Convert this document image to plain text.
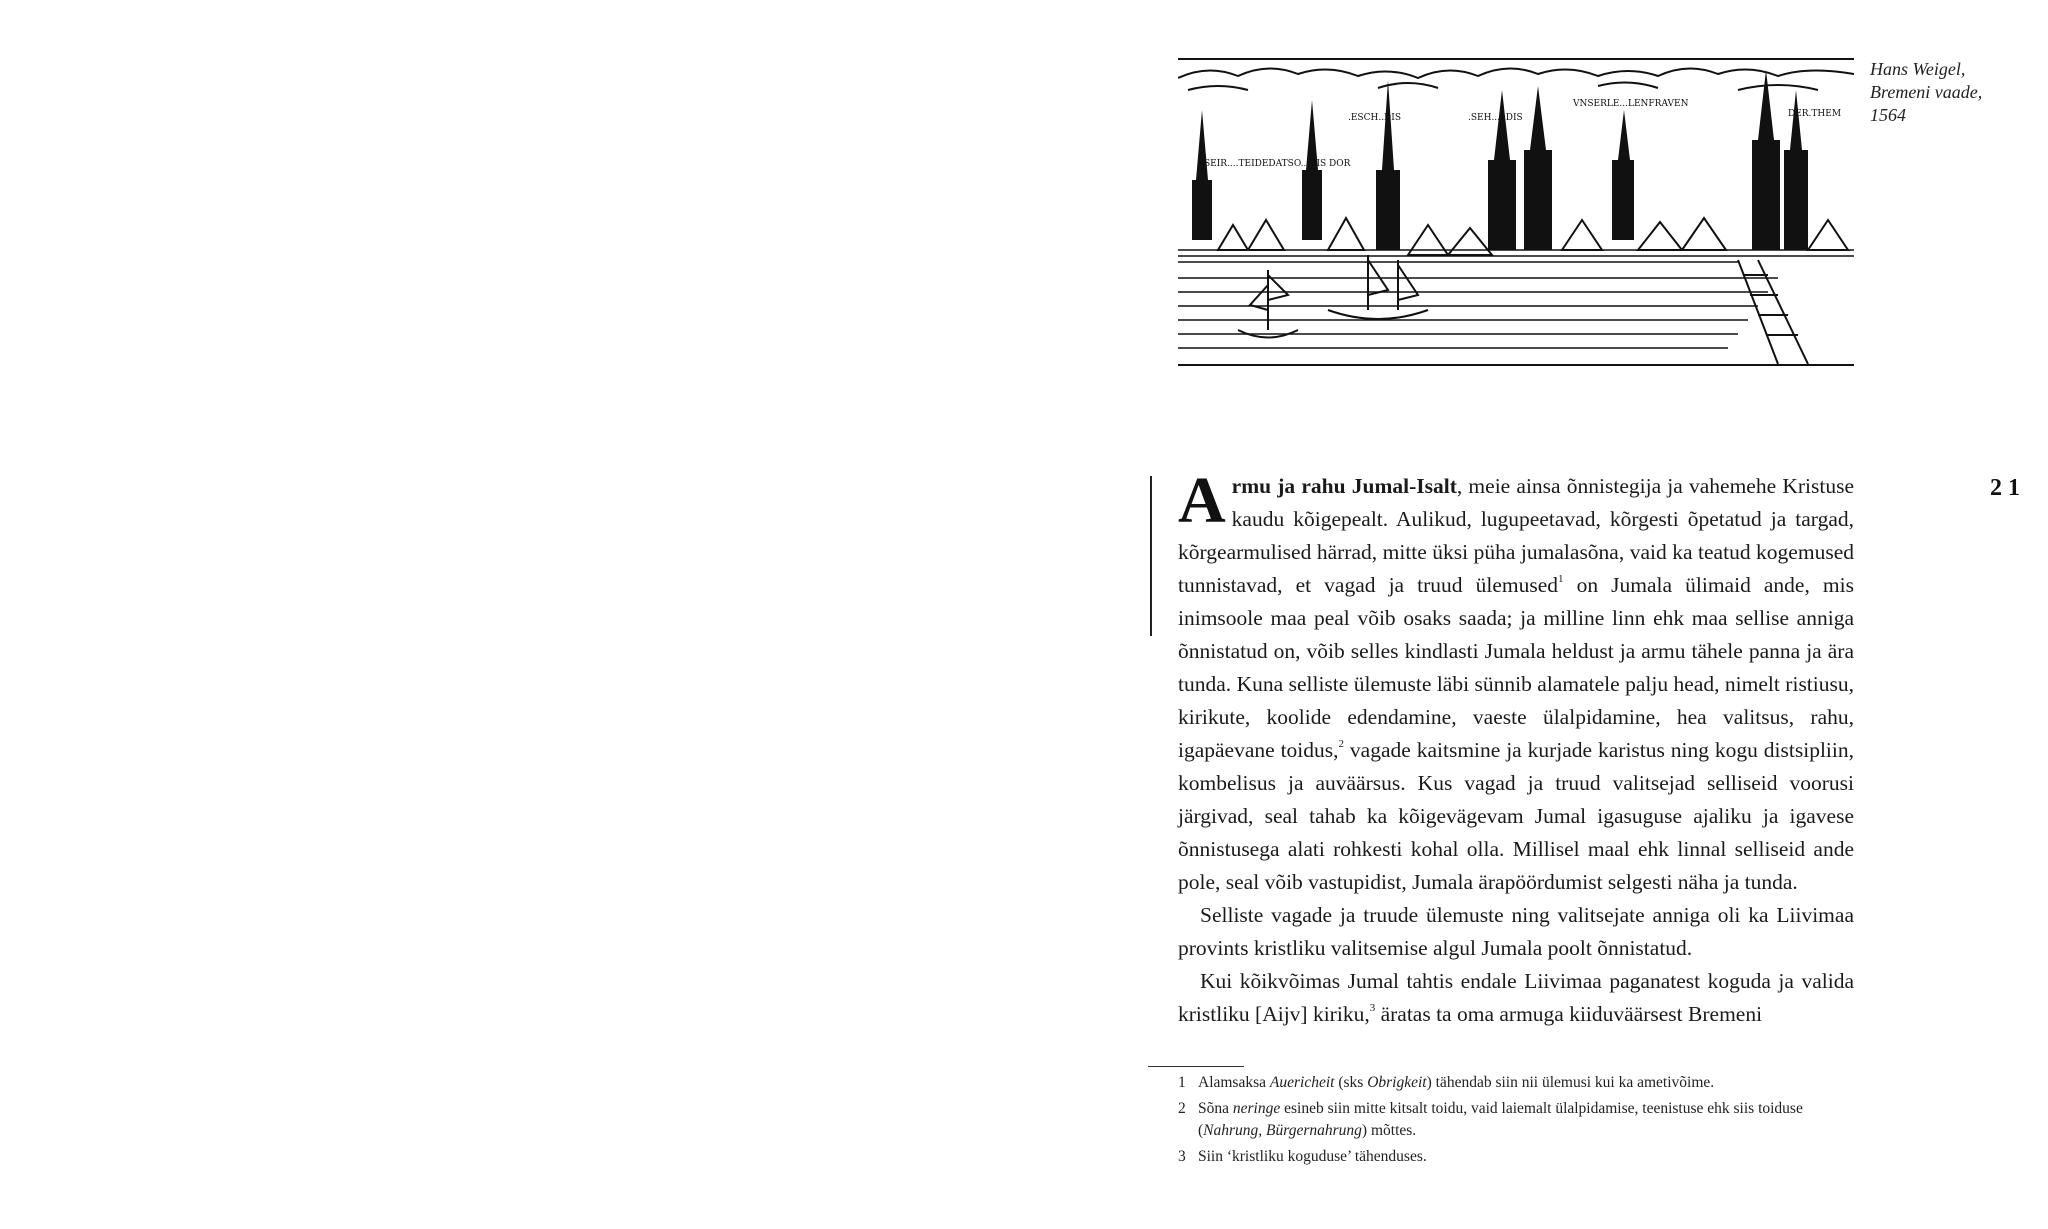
.ESCH..DIS	.SEH.....DIS
VNSERLE...LENFRAVEN
DER.THEM
SEIR....TEIDEDATSO...DIS DOR
Hans Weigel,
Bremeni vaade,
1564
21

Armu ja rahu Jumal-Isalt, meie ainsa õnnistegija ja vahemehe Kristuse kaudu kõigepealt. Aulikud, lugupeetavad, kõrgesti õpetatud ja targad, kõrgearmulised härrad, mitte üksi püha jumalasõna, vaid ka teatud kogemused tunnistavad, et vagad ja truud ülemused$^1$ on Jumala ülimaid ande, mis inimsoole maa peal võib osaks saada; ja milline linn ehk maa sellise anniga õnnistatud on, võib selles kindlasti Jumala heldust ja armu tähele panna ja ära tunda. Kuna selliste ülemuste läbi sünnib alamatele palju head, nimelt ristiusu, kirikute, koolide edendamine, vaeste ülalpidamine, hea valitsus, rahu, igapäevane toidus,$^2$ vagade kaitsmine ja kurjade karistus ning kogu distsipliin, kombelisus ja auväärsus. Kus vagad ja truud valitsejad selliseid voorusi järgivad, seal tahab ka kõigevägevam Jumal igasuguse ajaliku ja igavese õnnistusega alati rohkesti kohal olla. Millisel maal ehk linnal selliseid ande pole, seal võib vastupidist, Jumala ärapöördumist selgesti näha ja tunda.

Selliste vagade ja truude ülemuste ning valitsejate anniga oli ka Liivimaa provints kristliku valitsemise algul Jumala poolt õnnistatud.

Kui kõikvõimas Jumal tahtis endale Liivimaa paganatest koguda ja valida kristliku [Aijv] kiriku,$^3$ äratas ta oma armuga kiiduväärsest Bremeni

1 Alamsaksa Auericheit (sks Obrigkeit) tähendab siin nii ülemusi kui ka ametivõime.
2 Sõna neringe esineb siin mitte kitsalt toidu, vaid laiemalt ülalpidamise, teenistuse ehk siis toiduse (Nahrung, Bürgernahrung) mõttes.
3 Siin ‘kristliku koguduse’ tähenduses.
